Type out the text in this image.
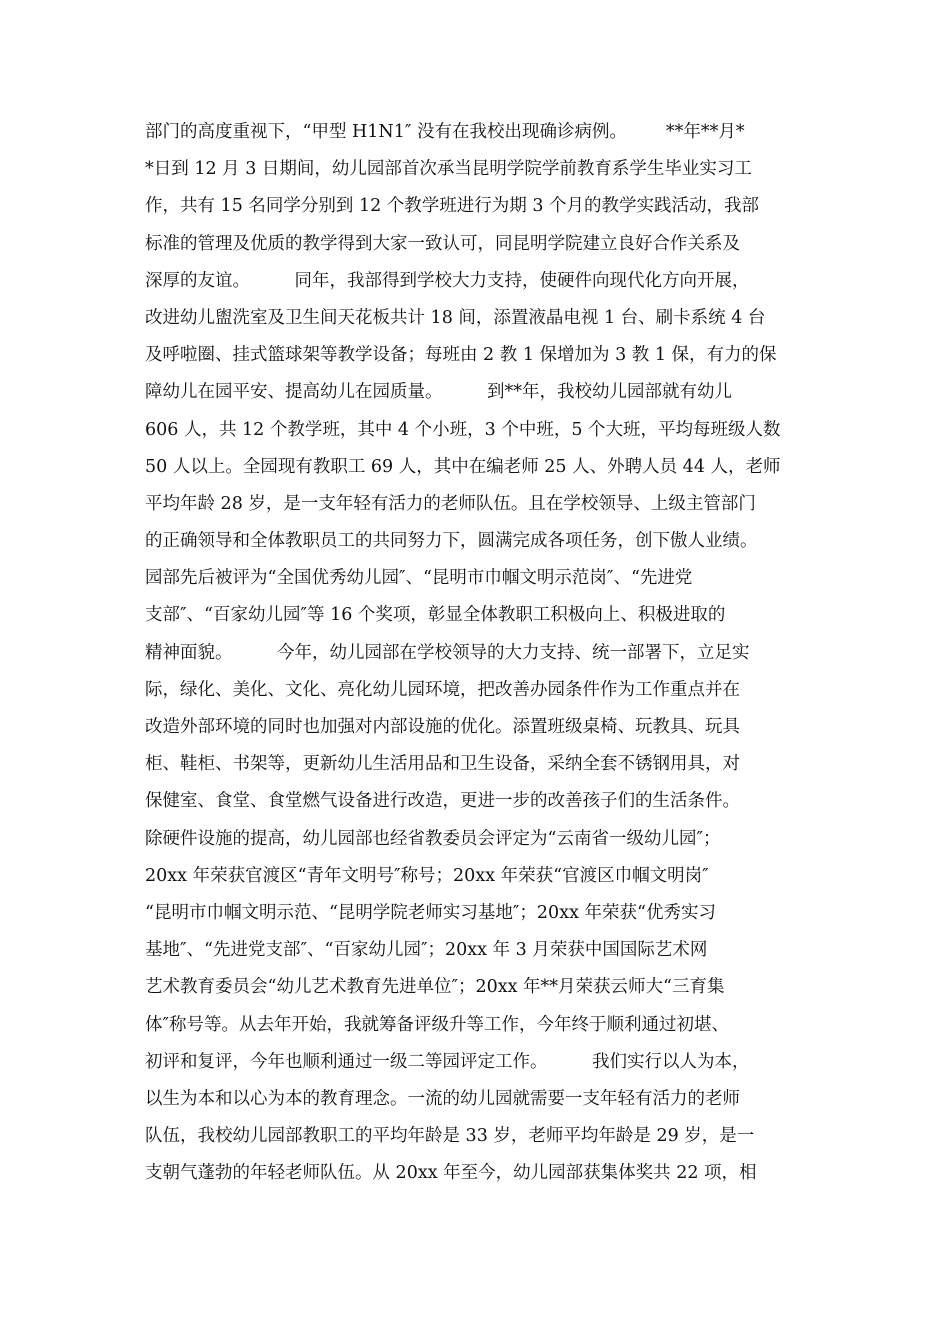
部门的高度重视下，“甲型 H1N1″ 没有在我校出现确诊病例。       **年**月*
*日到 12 月 3 日期间，幼儿园部首次承当昆明学院学前教育系学生毕业实习工
作，共有 15 名同学分别到 12 个教学班进行为期 3 个月的教学实践活动，我部
标准的管理及优质的教学得到大家一致认可，同昆明学院建立良好合作关系及
深厚的友谊。        同年，我部得到学校大力支持，使硬件向现代化方向开展，
改进幼儿盥洗室及卫生间天花板共计 18 间，添置液晶电视 1 台、刷卡系统 4 台
及呼啦圈、挂式篮球架等教学设备；每班由 2 教 1 保增加为 3 教 1 保，有力的保
障幼儿在园平安、提高幼儿在园质量。        到**年，我校幼儿园部就有幼儿
606 人，共 12 个教学班，其中 4 个小班，3 个中班，5 个大班，平均每班级人数
50 人以上。全园现有教职工 69 人，其中在编老师 25 人、外聘人员 44 人，老师
平均年龄 28 岁，是一支年轻有活力的老师队伍。且在学校领导、上级主管部门
的正确领导和全体教职员工的共同努力下，圆满完成各项任务，创下傲人业绩。
园部先后被评为“全国优秀幼儿园″、“昆明市巾帼文明示范岗″、“先进党
支部″、“百家幼儿园″等 16 个奖项，彰显全体教职工积极向上、积极进取的
精神面貌。        今年，幼儿园部在学校领导的大力支持、统一部署下，立足实
际，绿化、美化、文化、亮化幼儿园环境，把改善办园条件作为工作重点并在
改造外部环境的同时也加强对内部设施的优化。添置班级桌椅、玩教具、玩具
柜、鞋柜、书架等，更新幼儿生活用品和卫生设备，采纳全套不锈钢用具，对
保健室、食堂、食堂燃气设备进行改造，更进一步的改善孩子们的生活条件。
除硬件设施的提高，幼儿园部也经省教委员会评定为“云南省一级幼儿园″；
20xx 年荣获官渡区“青年文明号″称号；20xx 年荣获“官渡区巾帼文明岗″
“昆明市巾帼文明示范、“昆明学院老师实习基地″；20xx 年荣获“优秀实习
基地″、“先进党支部″、“百家幼儿园″；20xx 年 3 月荣获中国国际艺术网
艺术教育委员会“幼儿艺术教育先进单位″；20xx 年**月荣获云师大“三育集
体″称号等。从去年开始，我就筹备评级升等工作，今年终于顺利通过初堪、
初评和复评，今年也顺利通过一级二等园评定工作。        我们实行以人为本，
以生为本和以心为本的教育理念。一流的幼儿园就需要一支年轻有活力的老师
队伍，我校幼儿园部教职工的平均年龄是 33 岁，老师平均年龄是 29 岁，是一
支朝气蓬勃的年轻老师队伍。从 20xx 年至今，幼儿园部获集体奖共 22 项，相
